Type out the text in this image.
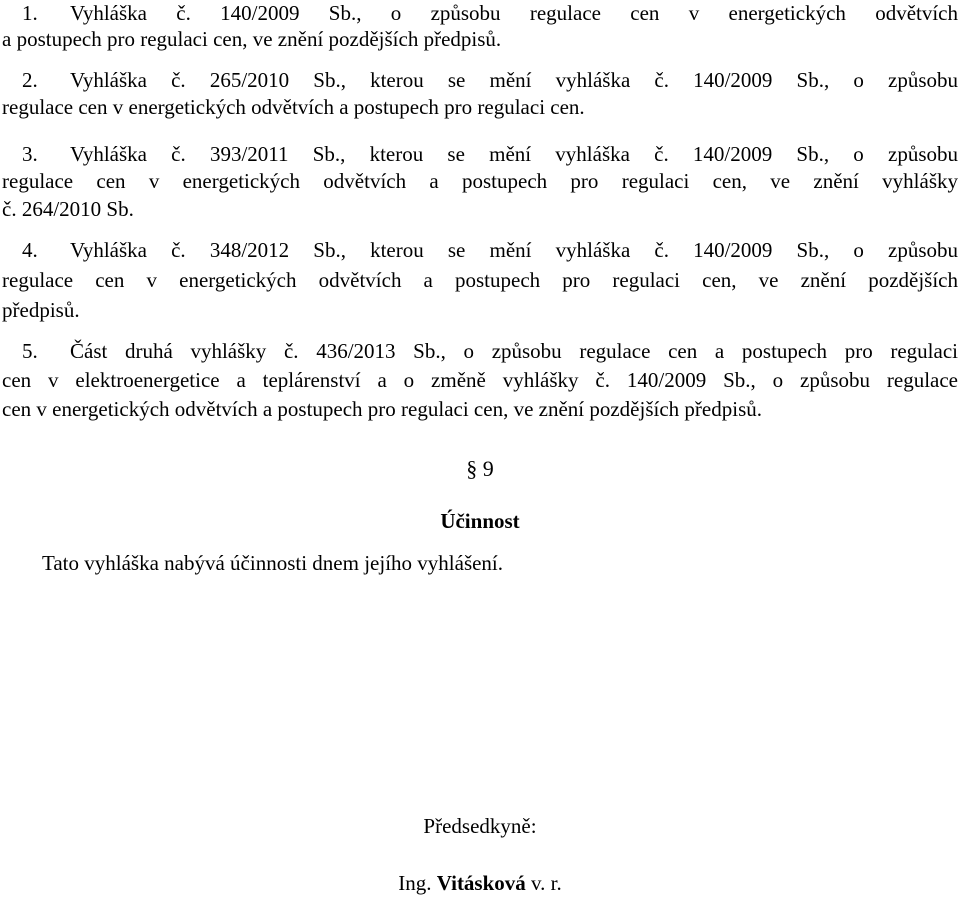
1. Vyhláška č. 140/2009 Sb., o způsobu regulace cen v energetických odvětvích
a postupech pro regulaci cen, ve znění pozdějších předpisů.
2. Vyhláška č. 265/2010 Sb., kterou se mění vyhláška č. 140/2009 Sb., o způsobu
regulace cen v energetických odvětvích a postupech pro regulaci cen.
3. Vyhláška č. 393/2011 Sb., kterou se mění vyhláška č. 140/2009 Sb., o způsobu
regulace cen v energetických odvětvích a postupech pro regulaci cen, ve znění vyhlášky
č. 264/2010 Sb.
4. Vyhláška č. 348/2012 Sb., kterou se mění vyhláška č. 140/2009 Sb., o způsobu
regulace cen v energetických odvětvích a postupech pro regulaci cen, ve znění pozdějších
předpisů.
5. Část druhá vyhlášky č. 436/2013 Sb., o způsobu regulace cen a postupech pro regulaci
cen v elektroenergetice a teplárenství a o změně vyhlášky č. 140/2009 Sb., o způsobu regulace
cen v energetických odvětvích a postupech pro regulaci cen, ve znění pozdějších předpisů.
§ 9
Účinnost
Tato vyhláška nabývá účinnosti dnem jejího vyhlášení.
Předsedkyně:
Ing. Vitásková v. r.
